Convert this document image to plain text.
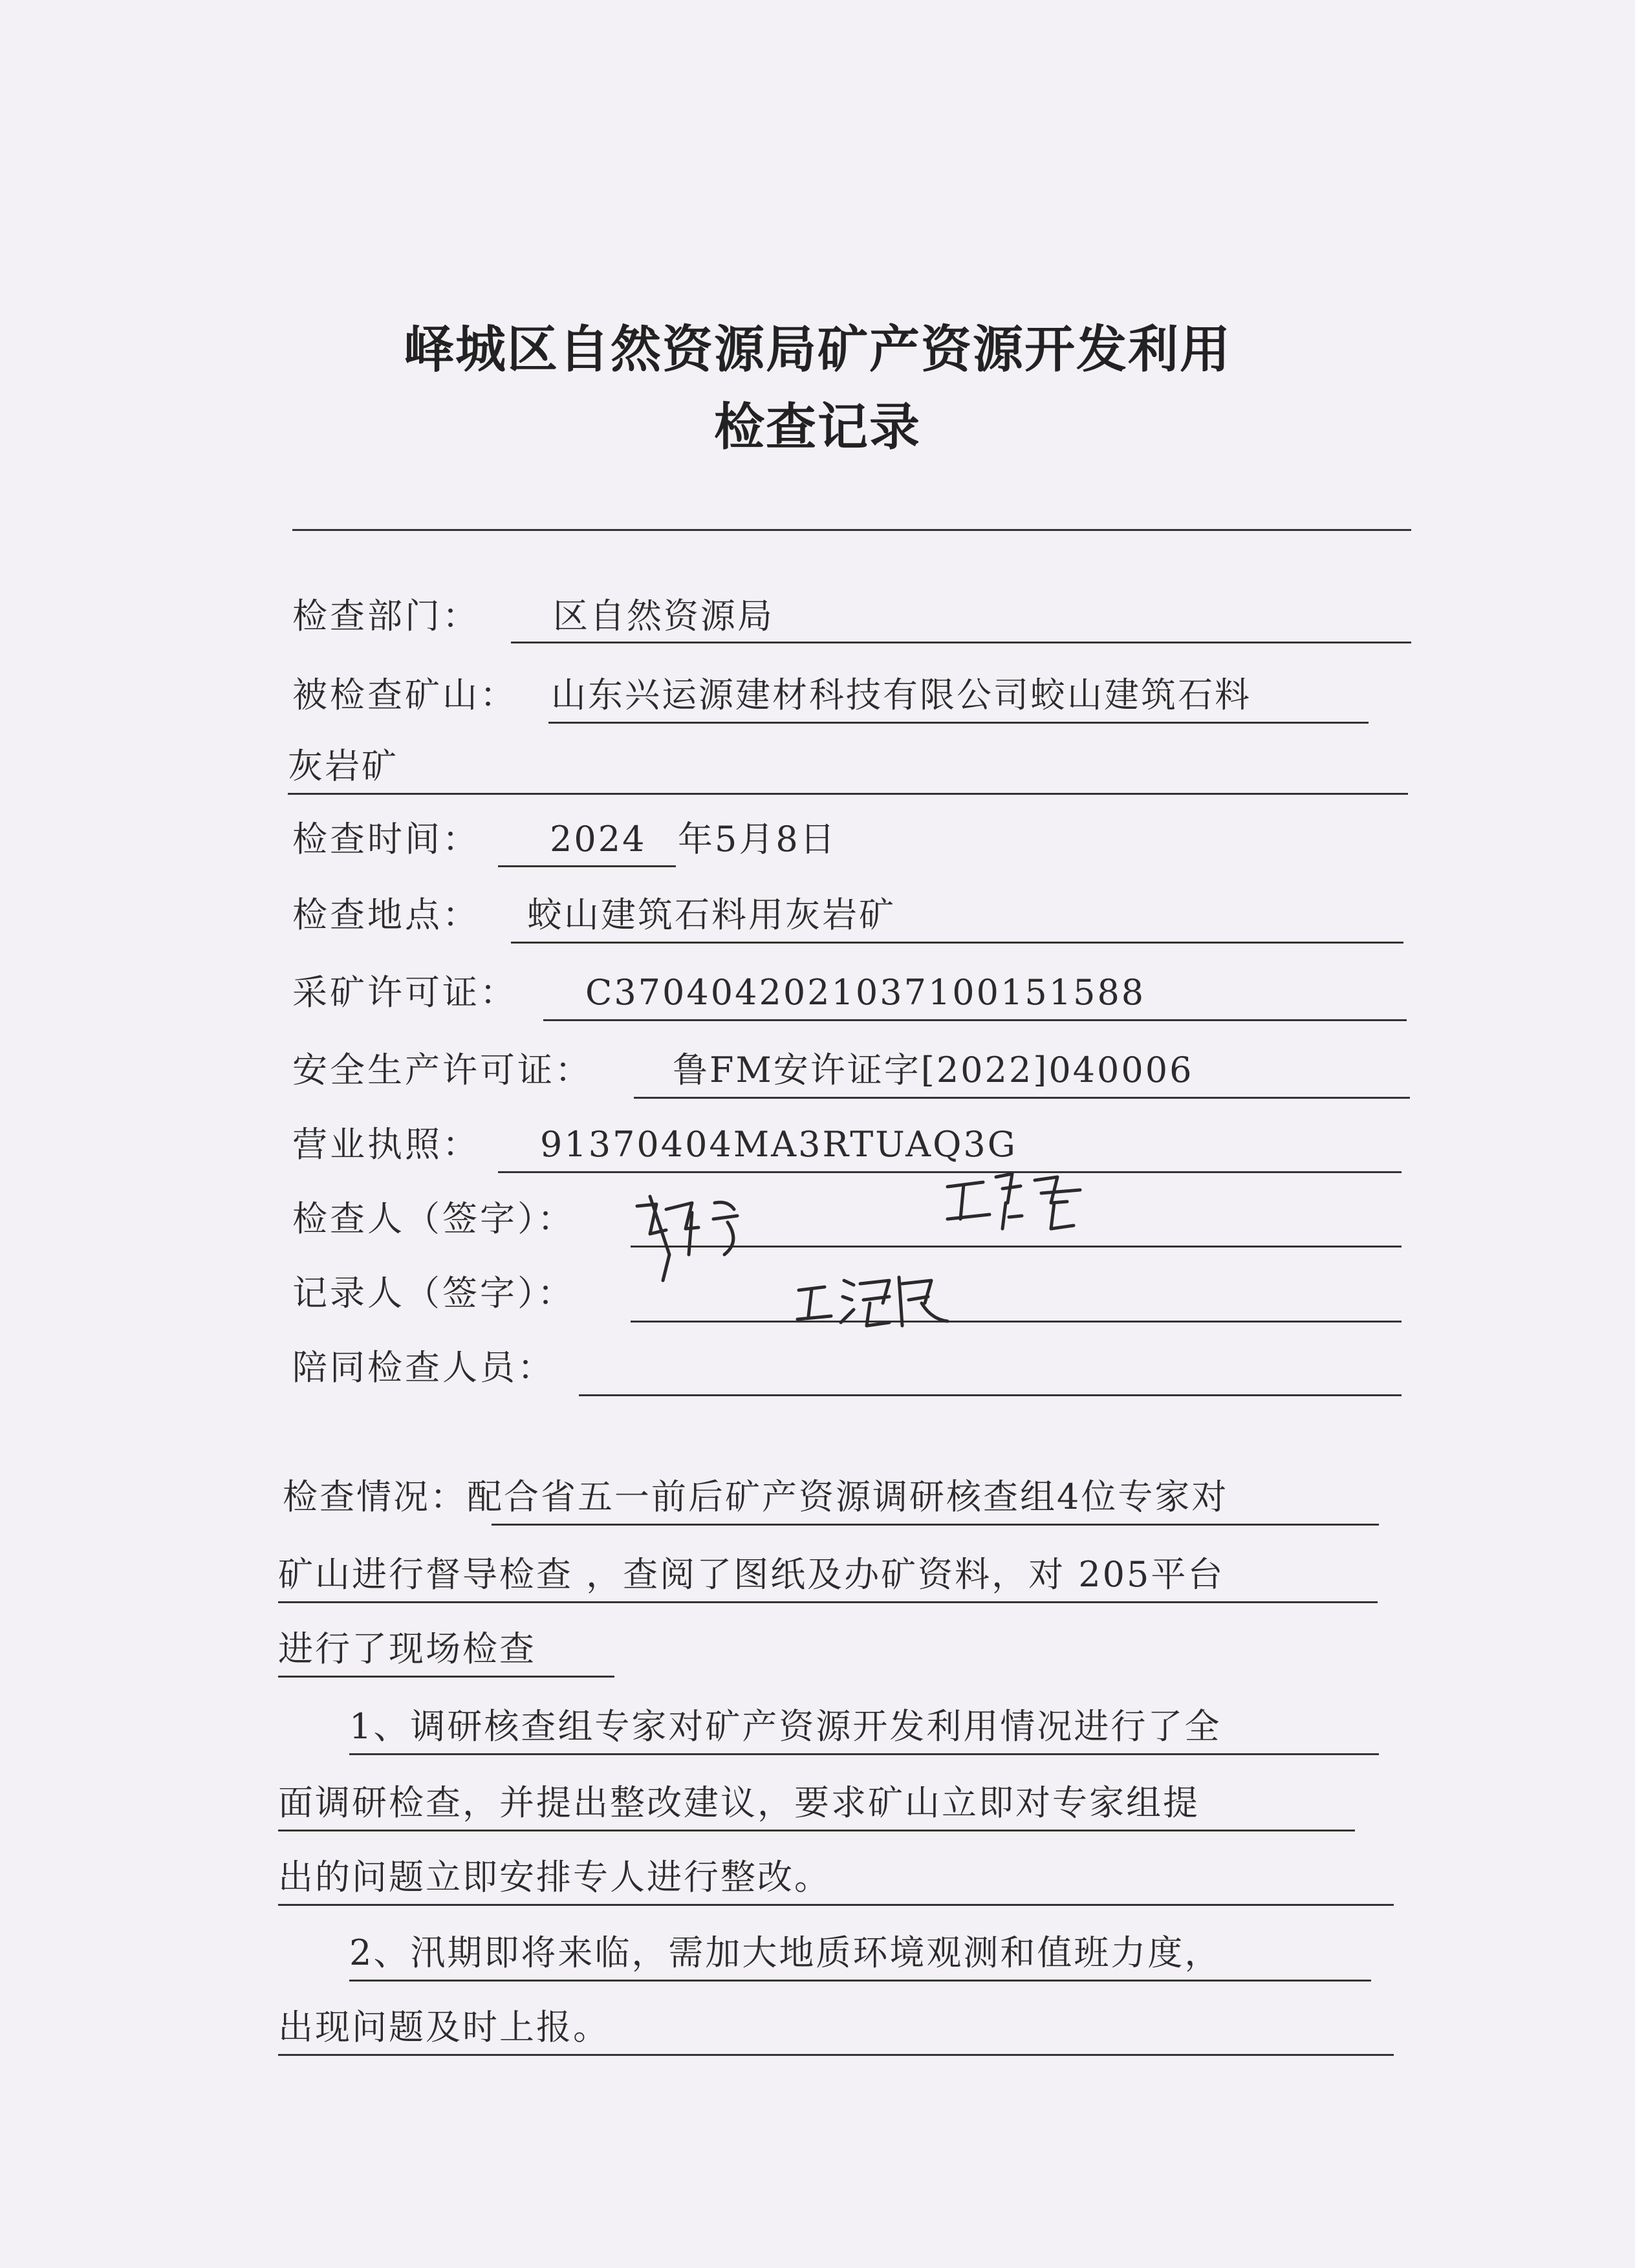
峄城区自然资源局矿产资源开发利用
检查记录
检查部门： 区自然资源局
被检查矿山： 山东兴运源建材科技有限公司蛟山建筑石料
灰岩矿
检查时间： 2024 年5月8日
检查地点： 蛟山建筑石料用灰岩矿
采矿许可证： C3704042021037100151588
安全生产许可证： 鲁FM安许证字[2022]040006
营业执照： 91370404MA3RTUAQ3G
检查人（签字）：
记录人（签字）：
陪同检查人员：
检查情况：配合省五一前后矿产资源调研核查组4位专家对
矿山进行督导检查 ，查阅了图纸及办矿资料，对 205平台
进行了现场检查
1、调研核查组专家对矿产资源开发利用情况进行了全
面调研检查，并提出整改建议，要求矿山立即对专家组提
出的问题立即安排专人进行整改。
2、汛期即将来临，需加大地质环境观测和值班力度，
出现问题及时上报。
